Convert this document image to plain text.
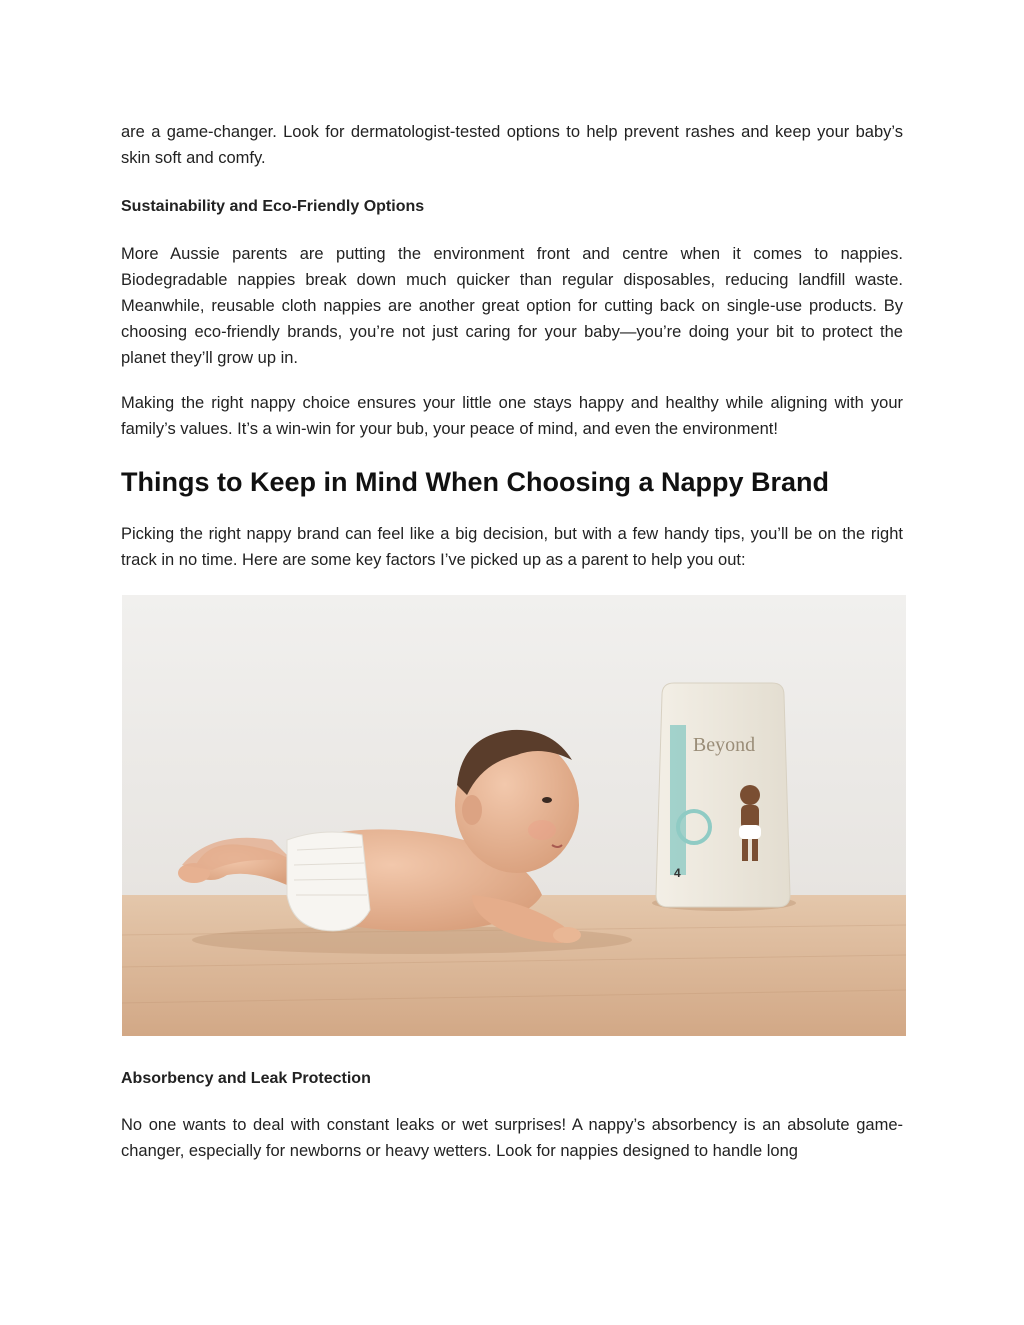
are a game-changer. Look for dermatologist-tested options to help prevent rashes and keep your baby’s skin soft and comfy.

Sustainability and Eco-Friendly Options

More Aussie parents are putting the environment front and centre when it comes to nappies. Biodegradable nappies break down much quicker than regular disposables, reducing landfill waste. Meanwhile, reusable cloth nappies are another great option for cutting back on single-use products. By choosing eco-friendly brands, you’re not just caring for your baby—you’re doing your bit to protect the planet they’ll grow up in.

Making the right nappy choice ensures your little one stays happy and healthy while aligning with your family’s values. It’s a win-win for your bub, your peace of mind, and even the environment!

Things to Keep in Mind When Choosing a Nappy Brand

Picking the right nappy brand can feel like a big decision, but with a few handy tips, you’ll be on the right track in no time. Here are some key factors I’ve picked up as a parent to help you out:

Beyond
4

Absorbency and Leak Protection

No one wants to deal with constant leaks or wet surprises! A nappy’s absorbency is an absolute game-changer, especially for newborns or heavy wetters. Look for nappies designed to handle long
